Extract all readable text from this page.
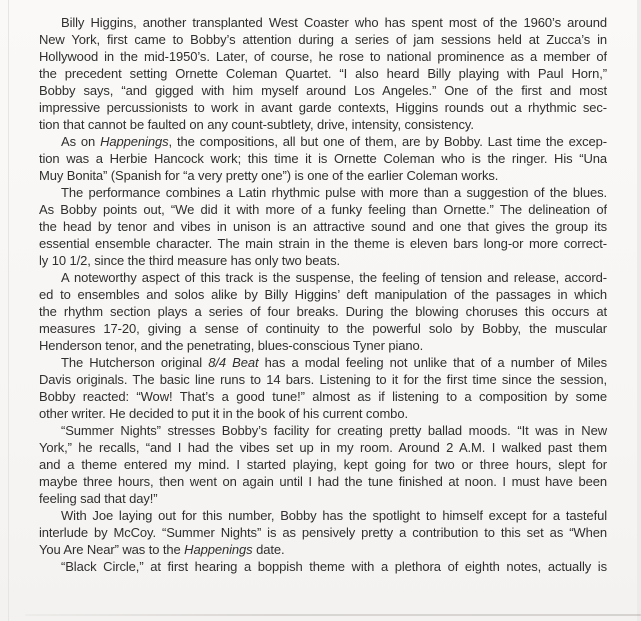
Billy Higgins, another transplanted West Coaster who has spent most of the 1960’s around
New York, first came to Bobby’s attention during a series of jam sessions held at Zucca’s in
Hollywood in the mid-1950’s. Later, of course, he rose to national prominence as a member of
the precedent setting Ornette Coleman Quartet. “I also heard Billy playing with Paul Horn,”
Bobby says, “and gigged with him myself around Los Angeles.” One of the first and most
impressive percussionists to work in avant garde contexts, Higgins rounds out a rhythmic sec-
tion that cannot be faulted on any count-subtlety, drive, intensity, consistency.
As on Happenings, the compositions, all but one of them, are by Bobby. Last time the excep-
tion was a Herbie Hancock work; this time it is Ornette Coleman who is the ringer. His “Una
Muy Bonita” (Spanish for “a very pretty one”) is one of the earlier Coleman works.
The performance combines a Latin rhythmic pulse with more than a suggestion of the blues.
As Bobby points out, “We did it with more of a funky feeling than Ornette.” The delineation of
the head by tenor and vibes in unison is an attractive sound and one that gives the group its
essential ensemble character. The main strain in the theme is eleven bars long-or more correct-
ly 10 1/2, since the third measure has only two beats.
A noteworthy aspect of this track is the suspense, the feeling of tension and release, accord-
ed to ensembles and solos alike by Billy Higgins’ deft manipulation of the passages in which
the rhythm section plays a series of four breaks. During the blowing choruses this occurs at
measures 17-20, giving a sense of continuity to the powerful solo by Bobby, the muscular
Henderson tenor, and the penetrating, blues-conscious Tyner piano.
The Hutcherson original 8/4 Beat has a modal feeling not unlike that of a number of Miles
Davis originals. The basic line runs to 14 bars. Listening to it for the first time since the session,
Bobby reacted: “Wow! That’s a good tune!” almost as if listening to a composition by some
other writer. He decided to put it in the book of his current combo.
“Summer Nights” stresses Bobby’s facility for creating pretty ballad moods. “It was in New
York,” he recalls, “and I had the vibes set up in my room. Around 2 A.M. I walked past them
and a theme entered my mind. I started playing, kept going for two or three hours, slept for
maybe three hours, then went on again until I had the tune finished at noon. I must have been
feeling sad that day!”
With Joe laying out for this number, Bobby has the spotlight to himself except for a tasteful
interlude by McCoy. “Summer Nights” is as pensively pretty a contribution to this set as “When
You Are Near” was to the Happenings date.
“Black Circle,” at first hearing a boppish theme with a plethora of eighth notes, actually is
